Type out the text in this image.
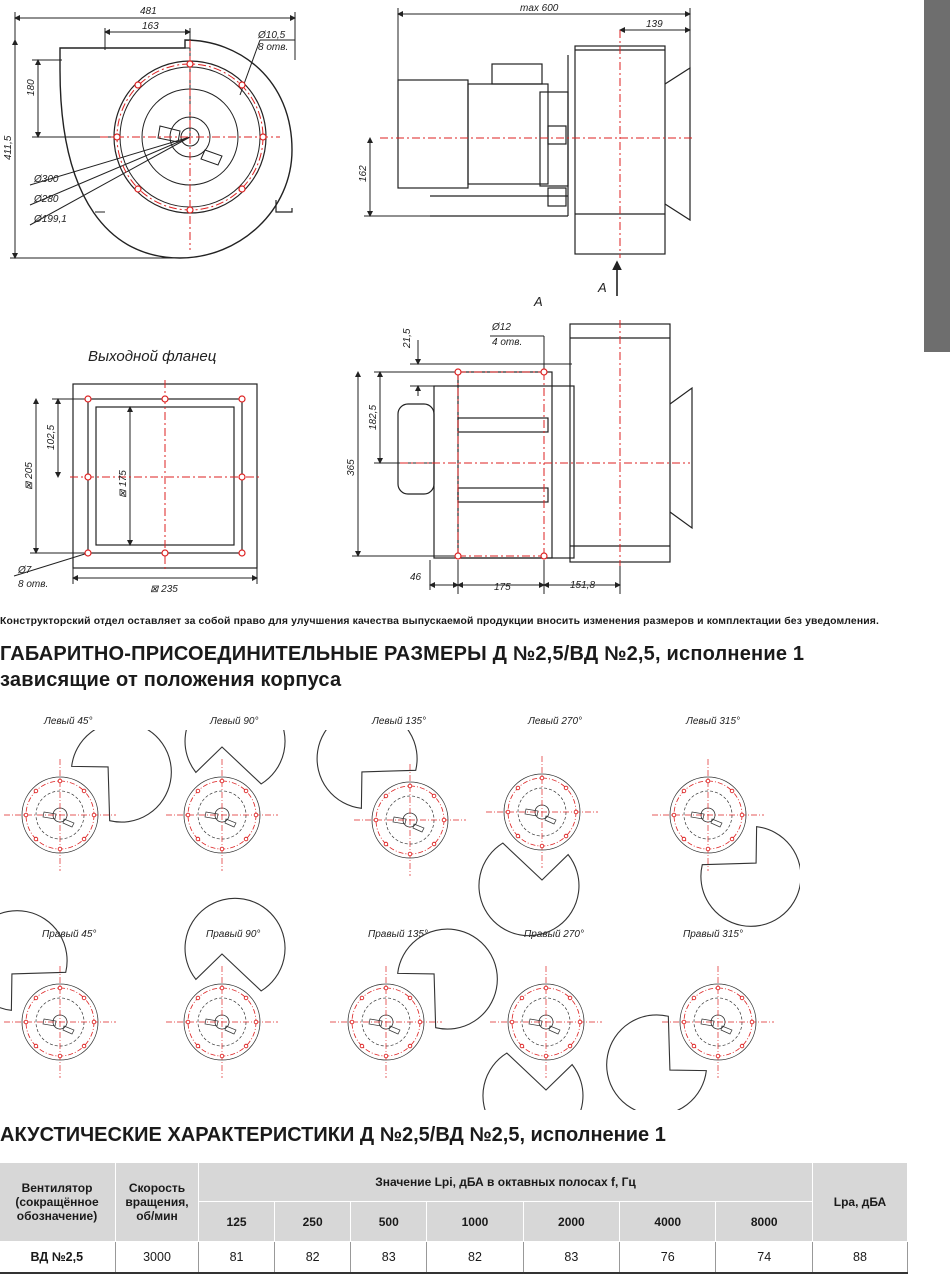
481
163
Ø10,5
8 отв.
180
411,5
Ø300
Ø280
Ø199,1
max 600
139
162
A
A
21,5
Ø12
4 отв.
182,5
365
46
175	151,8
Выходной фланец
102,5
⊠ 205	⊠ 175
Ø7
8 отв.	⊠ 235
Конструкторский отдел оставляет за собой право для улучшения качества выпускаемой продукции вносить изменения размеров и комплектации без уведомления.
ГАБАРИТНО-ПРИСОЕДИНИТЕЛЬНЫЕ РАЗМЕРЫ Д №2,5/ВД №2,5, исполнение 1
зависящие от положения корпуса
Левый 45°	Левый 90°	Левый 135°	Левый 270°	Левый 315°
Правый 45°	Правый 90°	Правый 135°	Правый 270°	Правый 315°
АКУСТИЧЕСКИЕ ХАРАКТЕРИСТИКИ Д №2,5/ВД №2,5, исполнение 1
Вентилятор (сокращённое обозначение)	Скорость вращения, об/мин	Значение Lpi, дБА в октавных полосах f, Гц							Lpa, дБА
		125	250	500	1000	2000	4000	8000	
ВД №2,5	3000	81	82	83	82	83	76	74	88
